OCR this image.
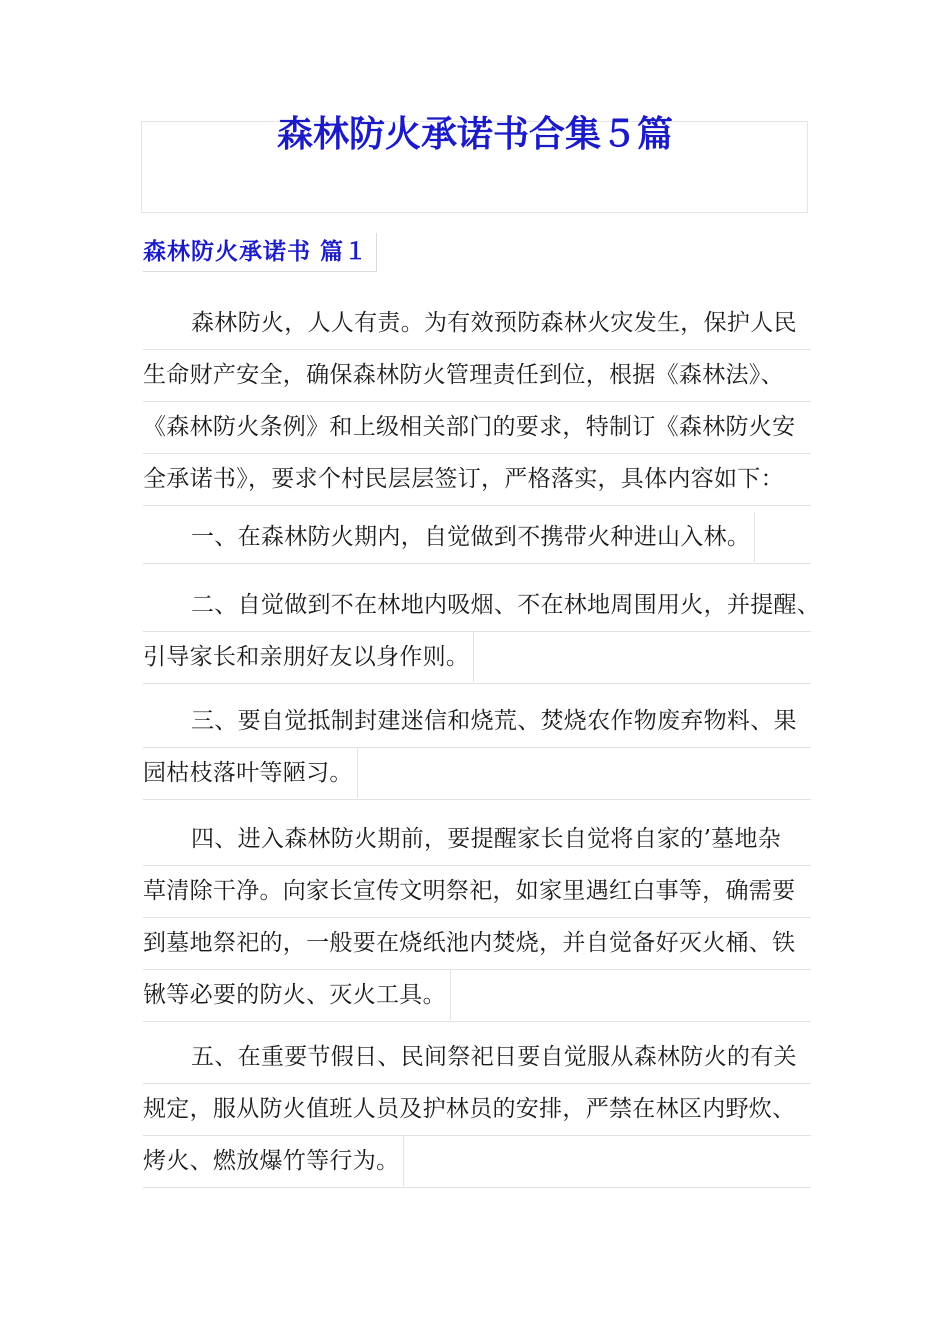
森林防火承诺书合集５篇
森林防火承诺书 篇１
森林防火，人人有责。为有效预防森林火灾发生，保护人民
生命财产安全，确保森林防火管理责任到位，根据《森林法》、
《森林防火条例》和上级相关部门的要求，特制订《森林防火安
全承诺书》，要求个村民层层签订，严格落实，具体内容如下：
一、在森林防火期内，自觉做到不携带火种进山入林。
二、自觉做到不在林地内吸烟、不在林地周围用火，并提醒、
引导家长和亲朋好友以身作则。
三、要自觉抵制封建迷信和烧荒、焚烧农作物废弃物料、果
园枯枝落叶等陋习。
四、进入森林防火期前，要提醒家长自觉将自家的’墓地杂
草清除干净。向家长宣传文明祭祀，如家里遇红白事等，确需要
到墓地祭祀的，一般要在烧纸池内焚烧，并自觉备好灭火桶、铁
锹等必要的防火、灭火工具。
五、在重要节假日、民间祭祀日要自觉服从森林防火的有关
规定，服从防火值班人员及护林员的安排，严禁在林区内野炊、
烤火、燃放爆竹等行为。
